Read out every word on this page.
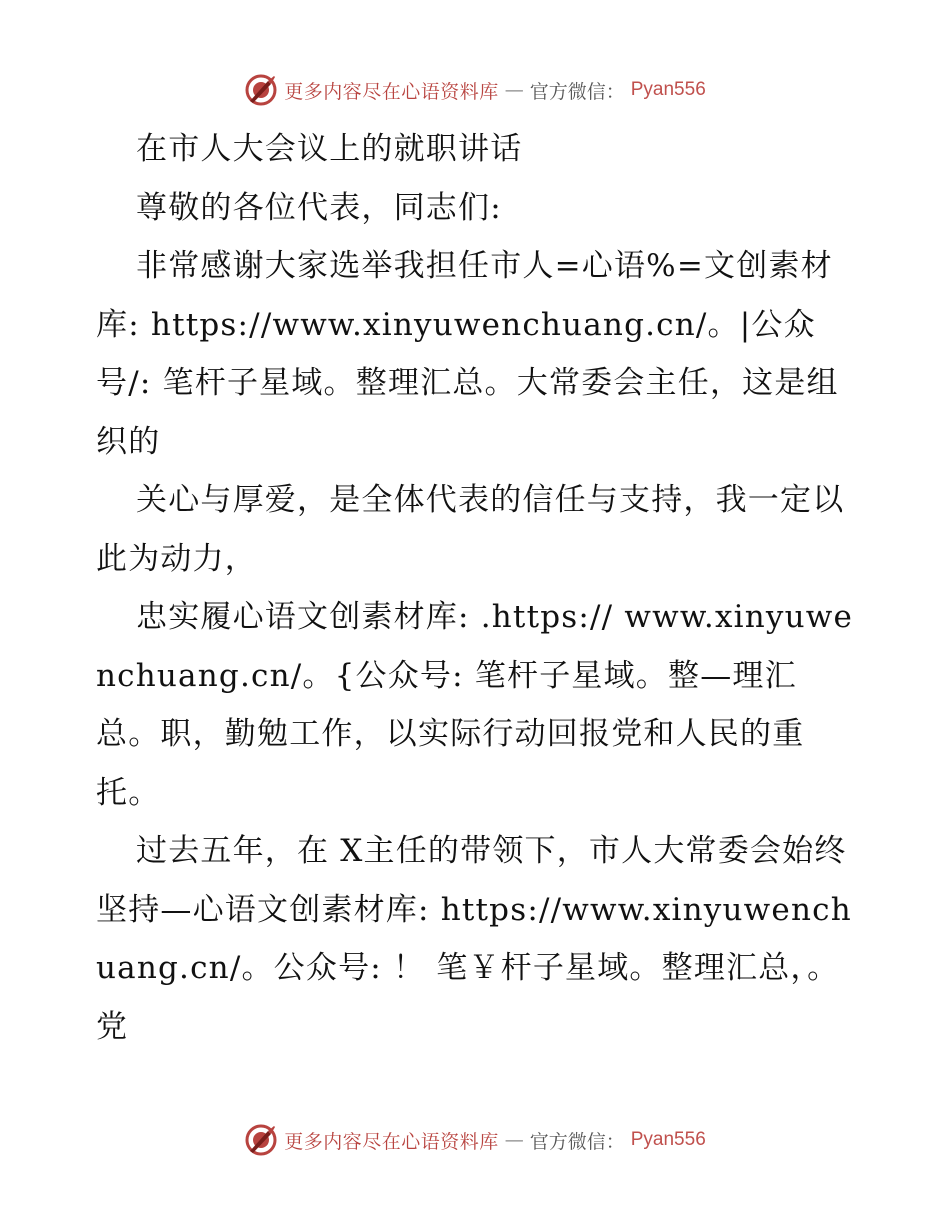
更多内容尽在心语资料库 — 官方微信： Pyan556

在市人大会议上的就职讲话

尊敬的各位代表，同志们:

非常感谢大家选举我担任市人=心语%=文创素材库: https://www.xinyuwenchuang.cn/。|公众号/: 笔杆子星域。整理汇总。大常委会主任，这是组织的

关心与厚爱，是全体代表的信任与支持，我一定以此为动力，

忠实履心语文创素材库: .https:// www.xinyuwenchuang.cn/。{公众号: 笔杆子星域。整—理汇总。职，勤勉工作，以实际行动回报党和人民的重托。

过去五年，在 X主任的带领下，市人大常委会始终坚持—心语文创素材库: https://www.xinyuwenchuang.cn/。公众号: ！ 笔￥杆子星域。整理汇总，。党

更多内容尽在心语资料库 — 官方微信： Pyan556
